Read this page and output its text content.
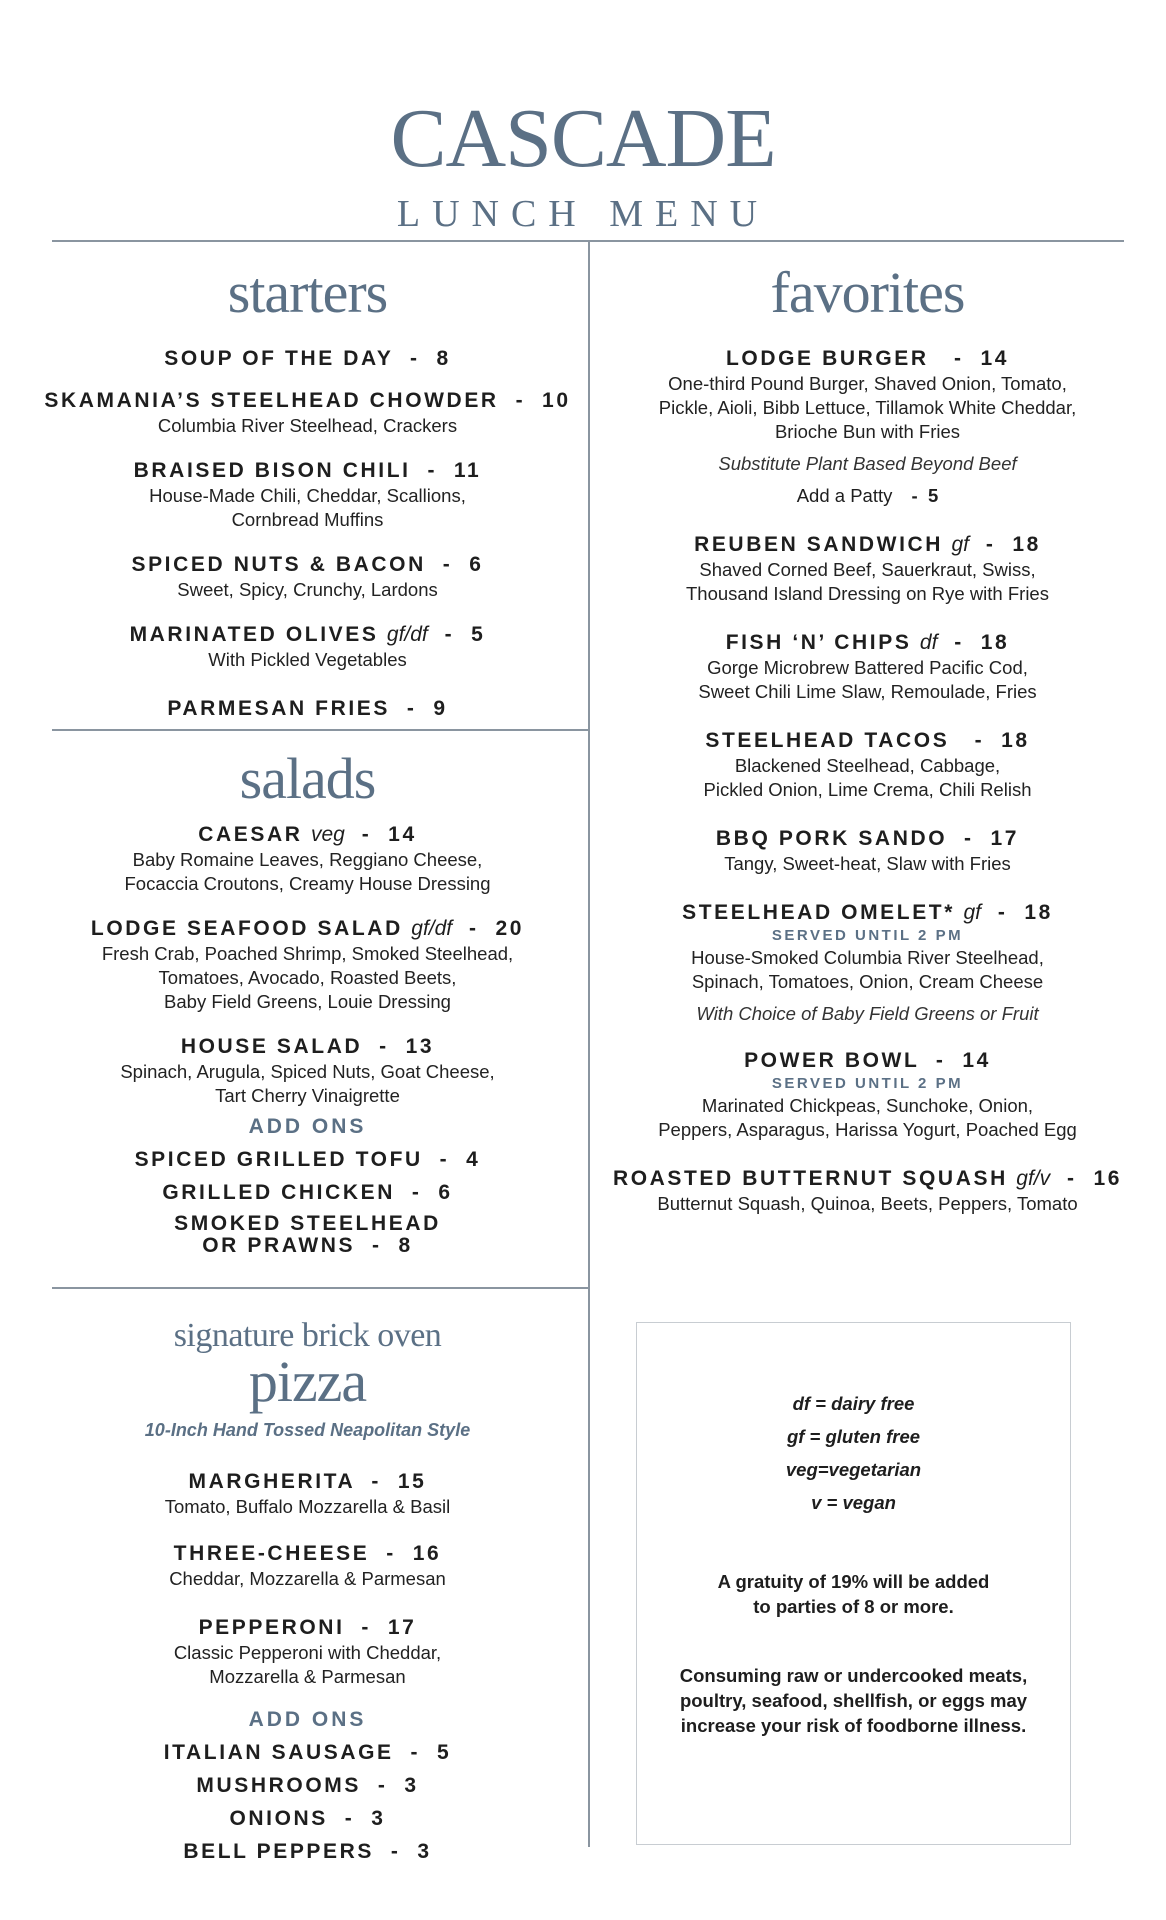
cascade
LUNCH MENU
starters
SOUP OF THE DAY  -  8
SKAMANIA’S STEELHEAD CHOWDER  -  10
Columbia River Steelhead, Crackers
BRAISED BISON CHILI  -  11
House-Made Chili, Cheddar, Scallions,
Cornbread Muffins
SPICED NUTS & BACON  -  6
Sweet, Spicy, Crunchy, Lardons
MARINATED OLIVES gf/df  -  5
With Pickled Vegetables
PARMESAN FRIES  -  9
salads
CAESAR veg  -  14
Baby Romaine Leaves, Reggiano Cheese,
Focaccia Croutons, Creamy House Dressing
LODGE SEAFOOD SALAD gf/df  -  20
Fresh Crab, Poached Shrimp, Smoked Steelhead,
Tomatoes, Avocado, Roasted Beets,
Baby Field Greens, Louie Dressing
HOUSE SALAD  -  13
Spinach, Arugula, Spiced Nuts, Goat Cheese,
Tart Cherry Vinaigrette
ADD ONS
SPICED GRILLED TOFU  -  4
GRILLED CHICKEN  -  6
SMOKED STEELHEAD
OR PRAWNS  -  8
signature brick oven
pizza
10-Inch Hand Tossed Neapolitan Style
MARGHERITA  -  15
Tomato, Buffalo Mozzarella & Basil
THREE-CHEESE  -  16
Cheddar, Mozzarella & Parmesan
PEPPERONI  -  17
Classic Pepperoni with Cheddar,
Mozzarella & Parmesan
ADD ONS
ITALIAN SAUSAGE  -  5
MUSHROOMS  -  3
ONIONS  -  3
BELL PEPPERS  -  3
favorites
LODGE BURGER   -  14
One-third Pound Burger, Shaved Onion, Tomato,
Pickle, Aioli, Bibb Lettuce, Tillamok White Cheddar,
Brioche Bun with Fries
Substitute Plant Based Beyond Beef
Add a Patty -  5
REUBEN SANDWICH gf  -  18
Shaved Corned Beef, Sauerkraut, Swiss,
Thousand Island Dressing on Rye with Fries
FISH ‘N’ CHIPS df  -  18
Gorge Microbrew Battered Pacific Cod,
Sweet Chili Lime Slaw, Remoulade, Fries
STEELHEAD TACOS   -  18
Blackened Steelhead, Cabbage,
Pickled Onion, Lime Crema, Chili Relish
BBQ PORK SANDO  -  17
Tangy, Sweet-heat, Slaw with Fries
STEELHEAD OMELET* gf  -  18
SERVED UNTIL 2 PM
House-Smoked Columbia River Steelhead,
Spinach, Tomatoes, Onion, Cream Cheese
With Choice of Baby Field Greens or Fruit
POWER BOWL  -  14
SERVED UNTIL 2 PM
Marinated Chickpeas, Sunchoke, Onion,
Peppers, Asparagus, Harissa Yogurt, Poached Egg
ROASTED BUTTERNUT SQUASH gf/v  -  16
Butternut Squash, Quinoa, Beets, Peppers, Tomato
df = dairy free
gf = gluten free
veg=vegetarian
v = vegan
A gratuity of 19% will be added
to parties of 8 or more.
Consuming raw or undercooked meats,
poultry, seafood, shellfish, or eggs may
increase your risk of foodborne illness.
